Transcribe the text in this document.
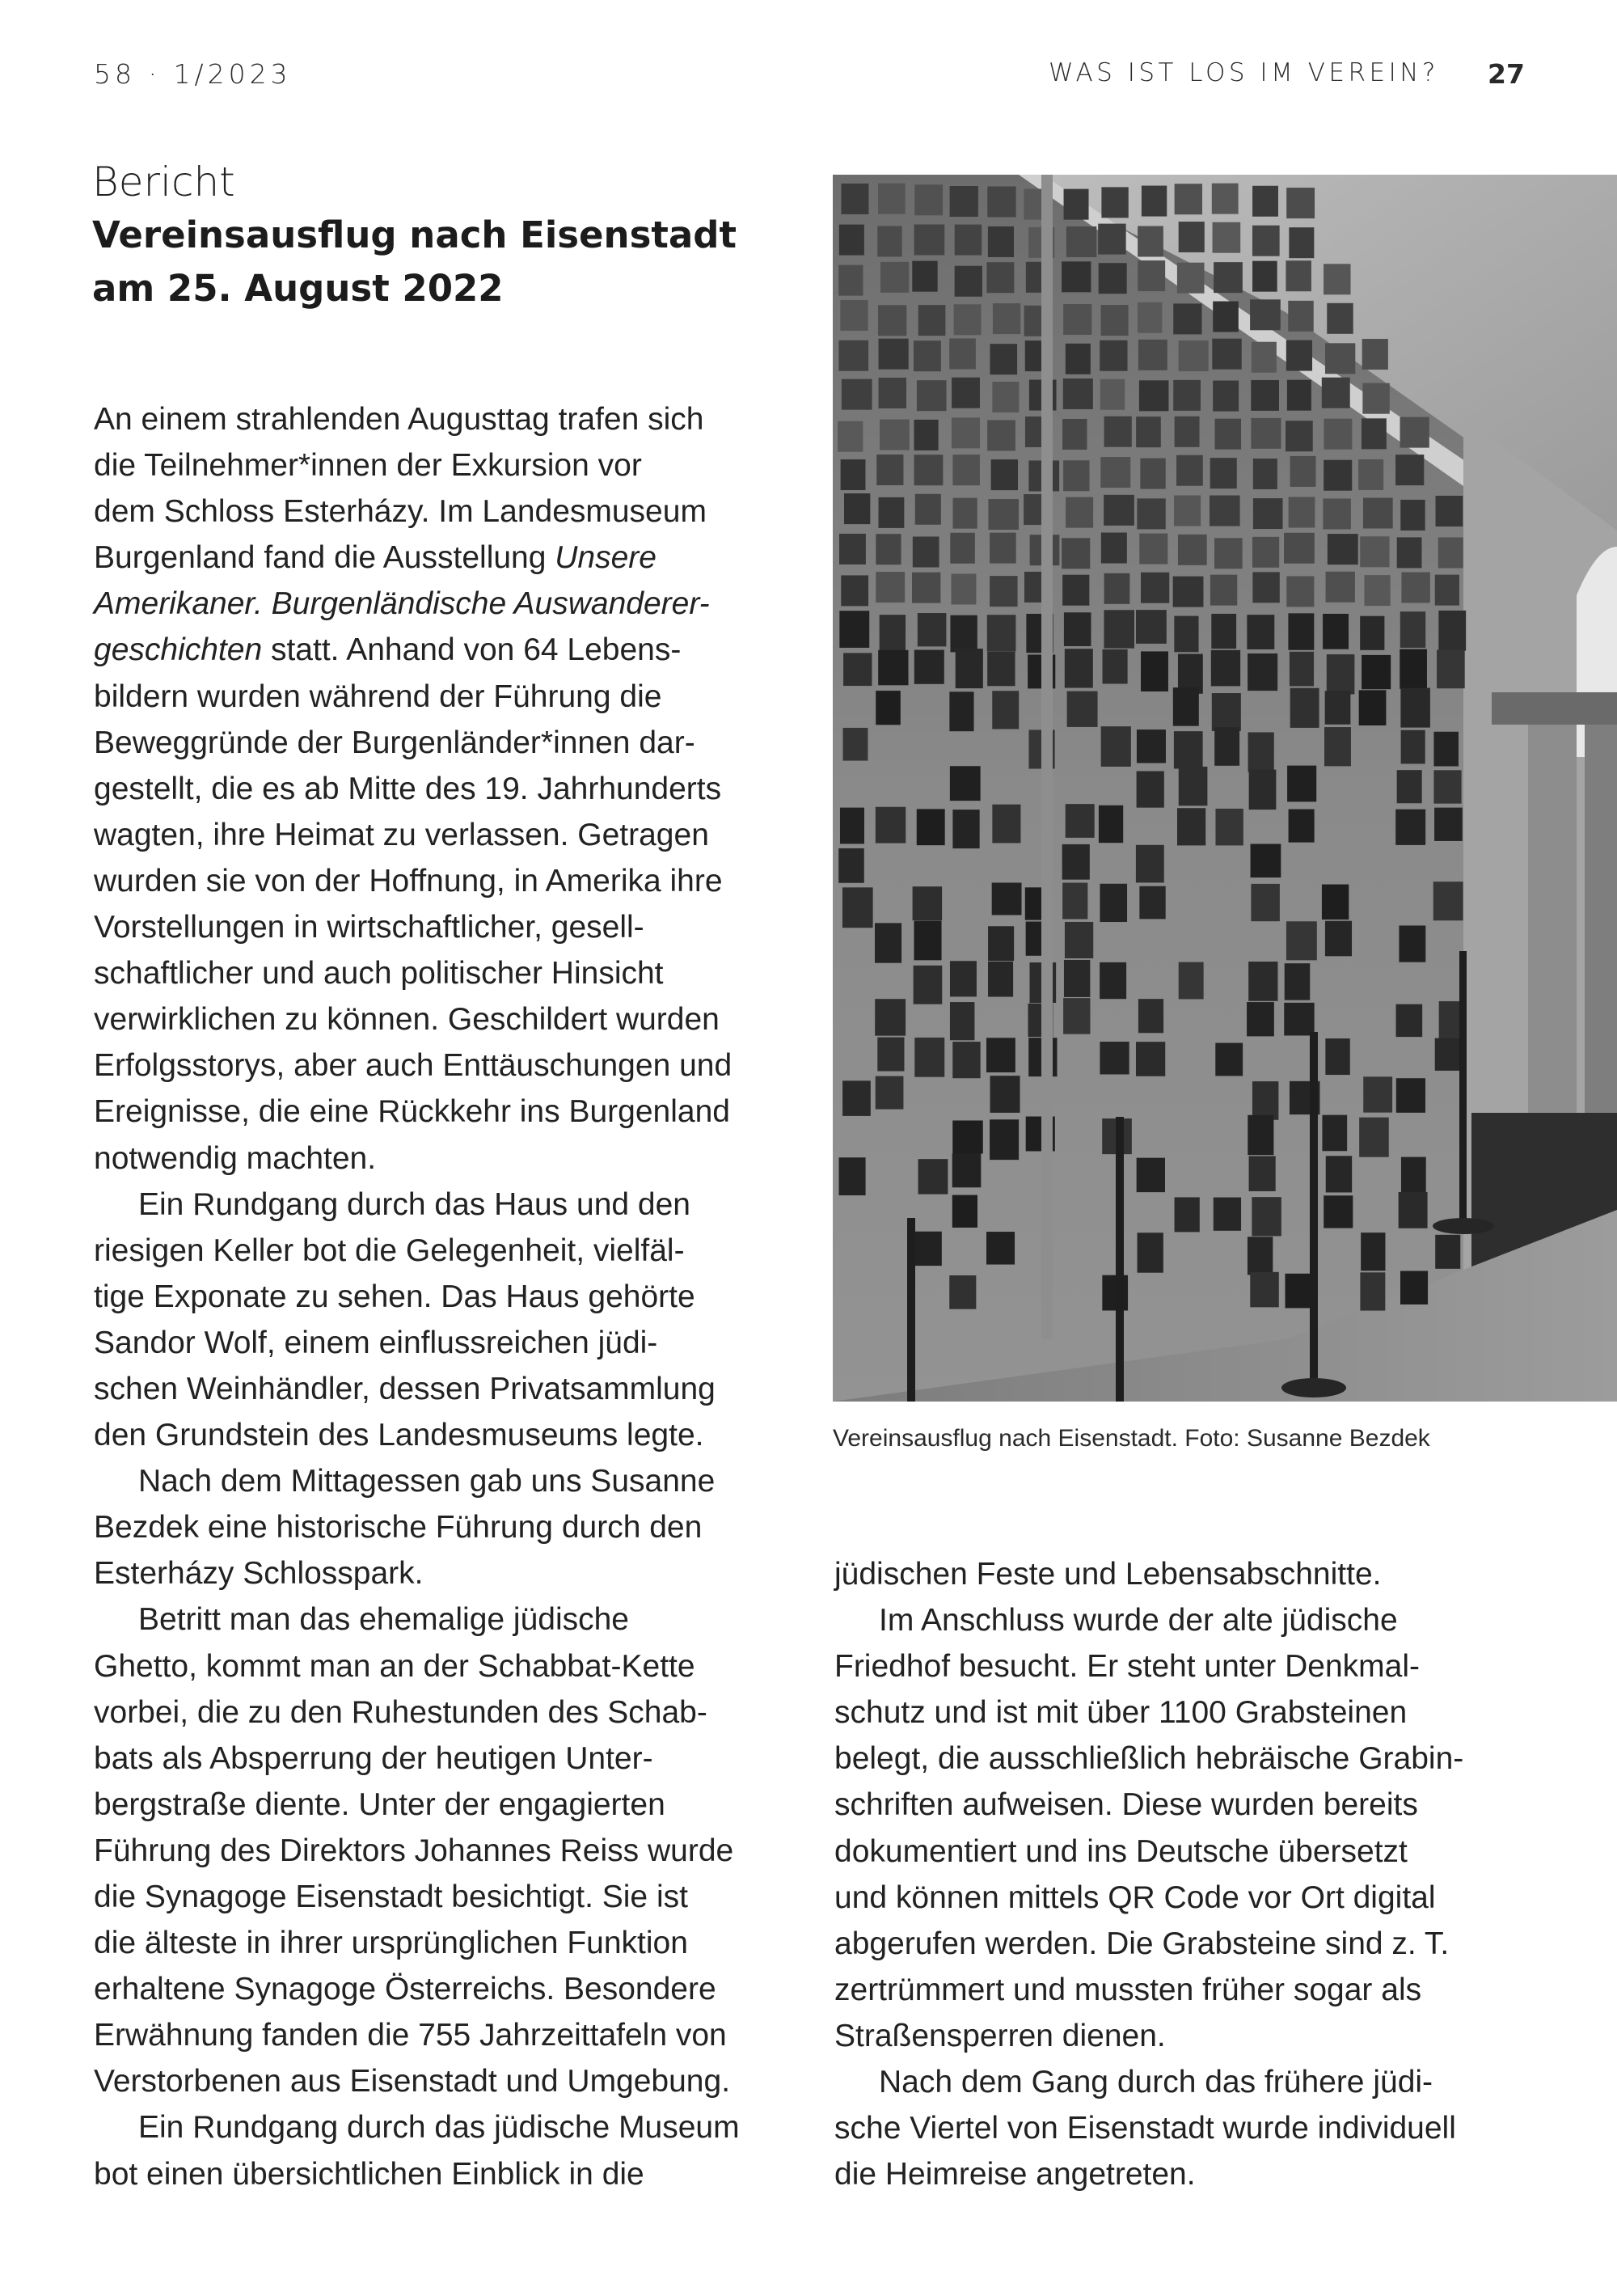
58 · 1/2023	WAS IST LOS IM VEREIN? 27
Bericht
Vereinsausflug nach Eisenstadt
am 25. August 2022
An einem strahlenden Augusttag trafen sich
die Teilnehmer*innen der Exkursion vor
dem Schloss Esterházy. Im Landesmuseum
Burgenland fand die Ausstellung Unsere
Amerikaner. Burgenländische Auswanderer-
geschichten statt. Anhand von 64 Lebens-
bildern wurden während der Führung die
Beweggründe der Burgenländer*innen dar-
gestellt, die es ab Mitte des 19. Jahrhunderts
wagten, ihre Heimat zu verlassen. Getragen
wurden sie von der Hoffnung, in Amerika ihre
Vorstellungen in wirtschaftlicher, gesell-
schaftlicher und auch politischer Hinsicht
verwirklichen zu können. Geschildert wurden
Erfolgsstorys, aber auch Enttäuschungen und
Ereignisse, die eine Rückkehr ins Burgenland
notwendig machten.
Ein Rundgang durch das Haus und den
riesigen Keller bot die Gelegenheit, vielfäl-
tige Exponate zu sehen. Das Haus gehörte
Sandor Wolf, einem einflussreichen jüdi-
schen Weinhändler, dessen Privatsammlung
den Grundstein des Landesmuseums legte.
Nach dem Mittagessen gab uns Susanne
Bezdek eine historische Führung durch den
Esterházy Schlosspark.
Betritt man das ehemalige jüdische
Ghetto, kommt man an der Schabbat-Kette
vorbei, die zu den Ruhestunden des Schab-
bats als Absperrung der heutigen Unter-
bergstraße diente. Unter der engagierten
Führung des Direktors Johannes Reiss wurde
die Synagoge Eisenstadt besichtigt. Sie ist
die älteste in ihrer ursprünglichen Funktion
erhaltene Synagoge Österreichs. Besondere
Erwähnung fanden die 755 Jahrzeittafeln von
Verstorbenen aus Eisenstadt und Umgebung.
Ein Rundgang durch das jüdische Museum
bot einen übersichtlichen Einblick in die
jüdischen Feste und Lebensabschnitte.
Im Anschluss wurde der alte jüdische
Friedhof besucht. Er steht unter Denkmal-
schutz und ist mit über 1100 Grabsteinen
belegt, die ausschließlich hebräische Grabin-
schriften aufweisen. Diese wurden bereits
dokumentiert und ins Deutsche übersetzt
und können mittels QR Code vor Ort digital
abgerufen werden. Die Grabsteine sind z. T.
zertrümmert und mussten früher sogar als
Straßensperren dienen.
Nach dem Gang durch das frühere jüdi-
sche Viertel von Eisenstadt wurde individuell
die Heimreise angetreten.
Vereinsausflug nach Eisenstadt. Foto: Susanne Bezdek
